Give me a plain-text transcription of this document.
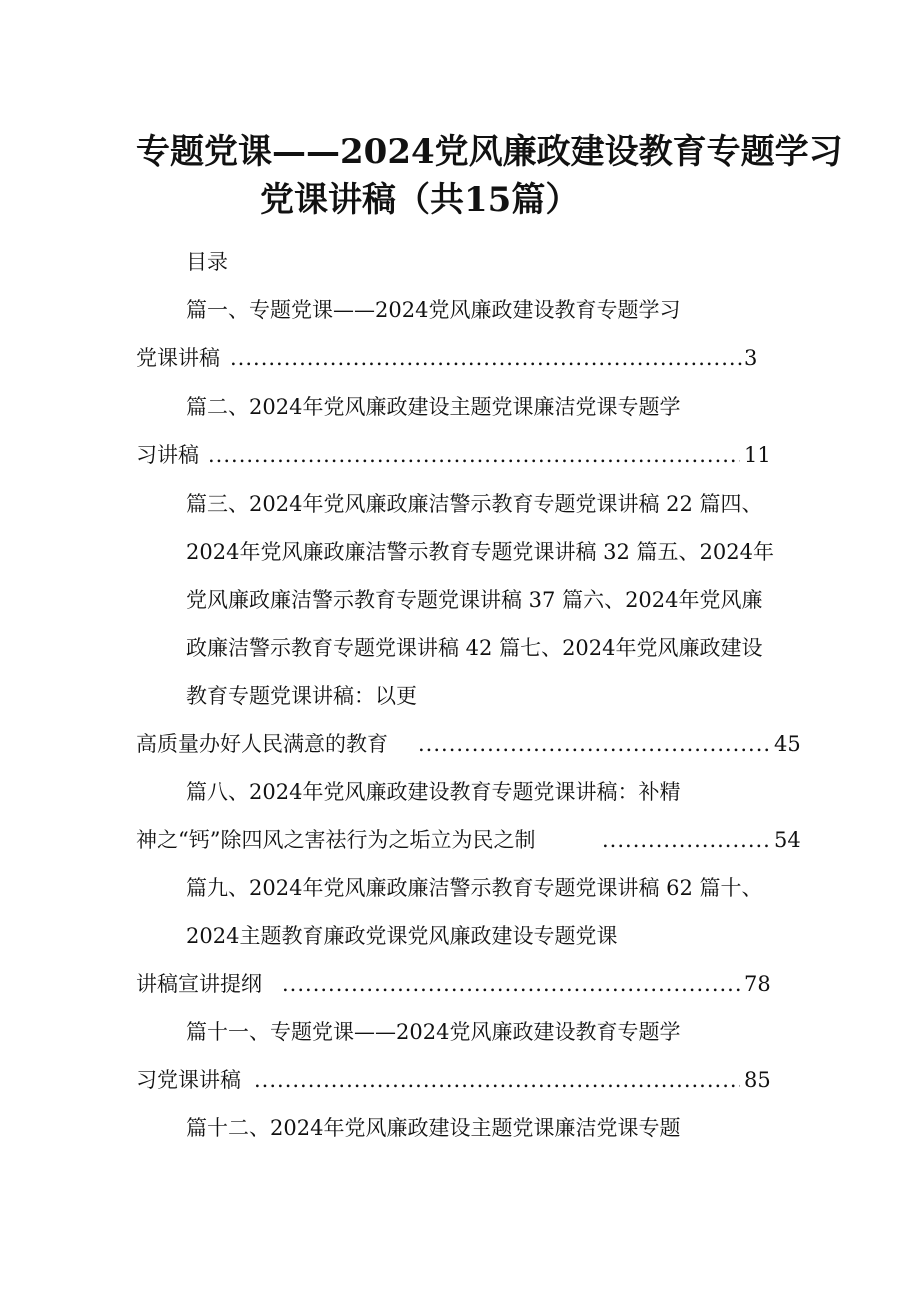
专题党课——2024党风廉政建设教育专题学习
党课讲稿（共15篇）
目录
篇一、专题党课——2024党风廉政建设教育专题学习
党课讲稿 .....	3
篇二、2024年党风廉政建设主题党课廉洁党课专题学
习讲稿 .....	11
篇三、2024年党风廉政廉洁警示教育专题党课讲稿 22 篇四、
2024年党风廉政廉洁警示教育专题党课讲稿 32 篇五、2024年
党风廉政廉洁警示教育专题党课讲稿 37 篇六、2024年党风廉
政廉洁警示教育专题党课讲稿 42 篇七、2024年党风廉政建设
教育专题党课讲稿：以更
高质量办好人民满意的教育 .....	45
篇八、2024年党风廉政建设教育专题党课讲稿：补精
神之“钙”除四风之害祛行为之垢立为民之制 .....	54
篇九、2024年党风廉政廉洁警示教育专题党课讲稿 62 篇十、
2024主题教育廉政党课党风廉政建设专题党课
讲稿宣讲提纲 .....	78
篇十一、专题党课——2024党风廉政建设教育专题学
习党课讲稿 .....	85
篇十二、2024年党风廉政建设主题党课廉洁党课专题
